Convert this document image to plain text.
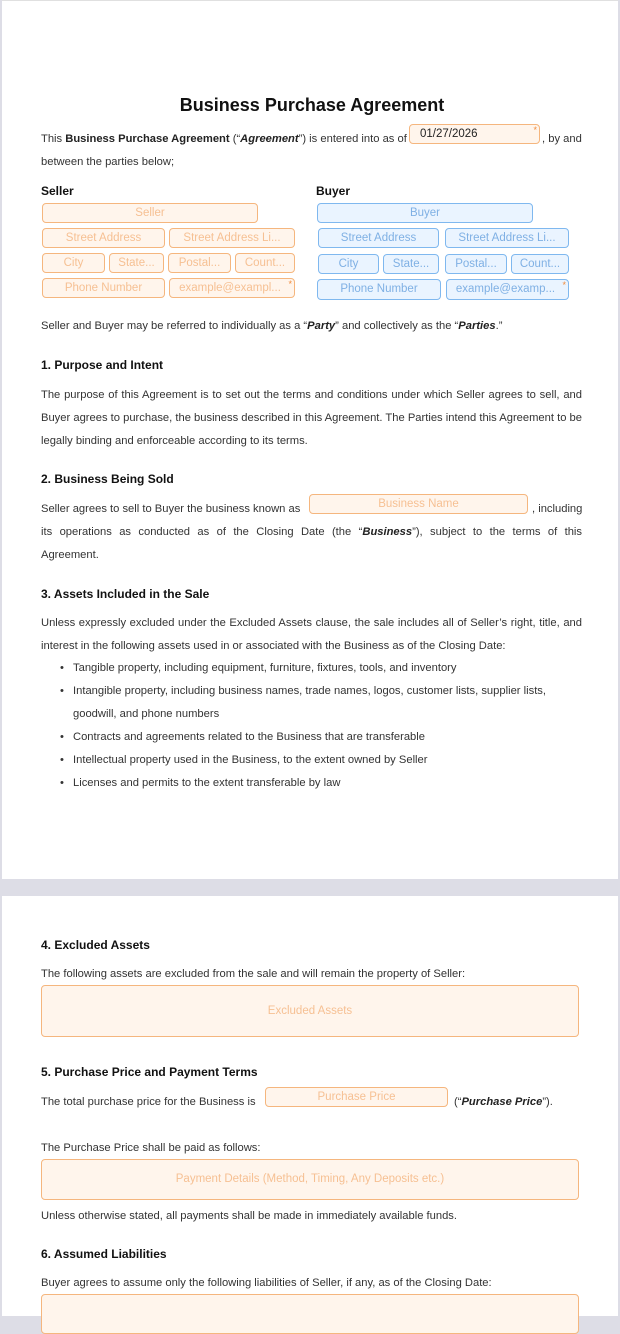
Business Purchase Agreement
This Business Purchase Agreement (“Agreement”) is entered into as of	01/27/2026	*
, by and
between the parties below;
Seller
Seller
Street Address	Street Address Li...
City	State...	Postal...	Count...
Phone Number	example@exampl... *
Buyer
Buyer
Street Address	Street Address Li...
City	State...	Postal...	Count...
Phone Number	example@examp... *
Seller and Buyer may be referred to individually as a “Party” and collectively as the “Parties.”
1. Purpose and Intent
The purpose of this Agreement is to set out the terms and conditions under which Seller agrees to sell, and Buyer agrees to purchase, the business described in this Agreement. The Parties intend this Agreement to be legally binding and enforceable according to its terms.
2. Business Being Sold
Seller agrees to sell to Buyer the business known as	Business Name	, including
its operations as conducted as of the Closing Date (the “Business”), subject to the terms of this
Agreement.
3. Assets Included in the Sale
Unless expressly excluded under the Excluded Assets clause, the sale includes all of Seller’s right, title, and interest in the following assets used in or associated with the Business as of the Closing Date:
• Tangible property, including equipment, furniture, fixtures, tools, and inventory
• Intangible property, including business names, trade names, logos, customer lists, supplier lists, goodwill, and phone numbers
• Contracts and agreements related to the Business that are transferable
• Intellectual property used in the Business, to the extent owned by Seller
• Licenses and permits to the extent transferable by law
4. Excluded Assets
The following assets are excluded from the sale and will remain the property of Seller:
Excluded Assets
5. Purchase Price and Payment Terms
The total purchase price for the Business is	Purchase Price	(“Purchase Price”).
The Purchase Price shall be paid as follows:
Payment Details (Method, Timing, Any Deposits etc.)
Unless otherwise stated, all payments shall be made in immediately available funds.
6. Assumed Liabilities
Buyer agrees to assume only the following liabilities of Seller, if any, as of the Closing Date:
